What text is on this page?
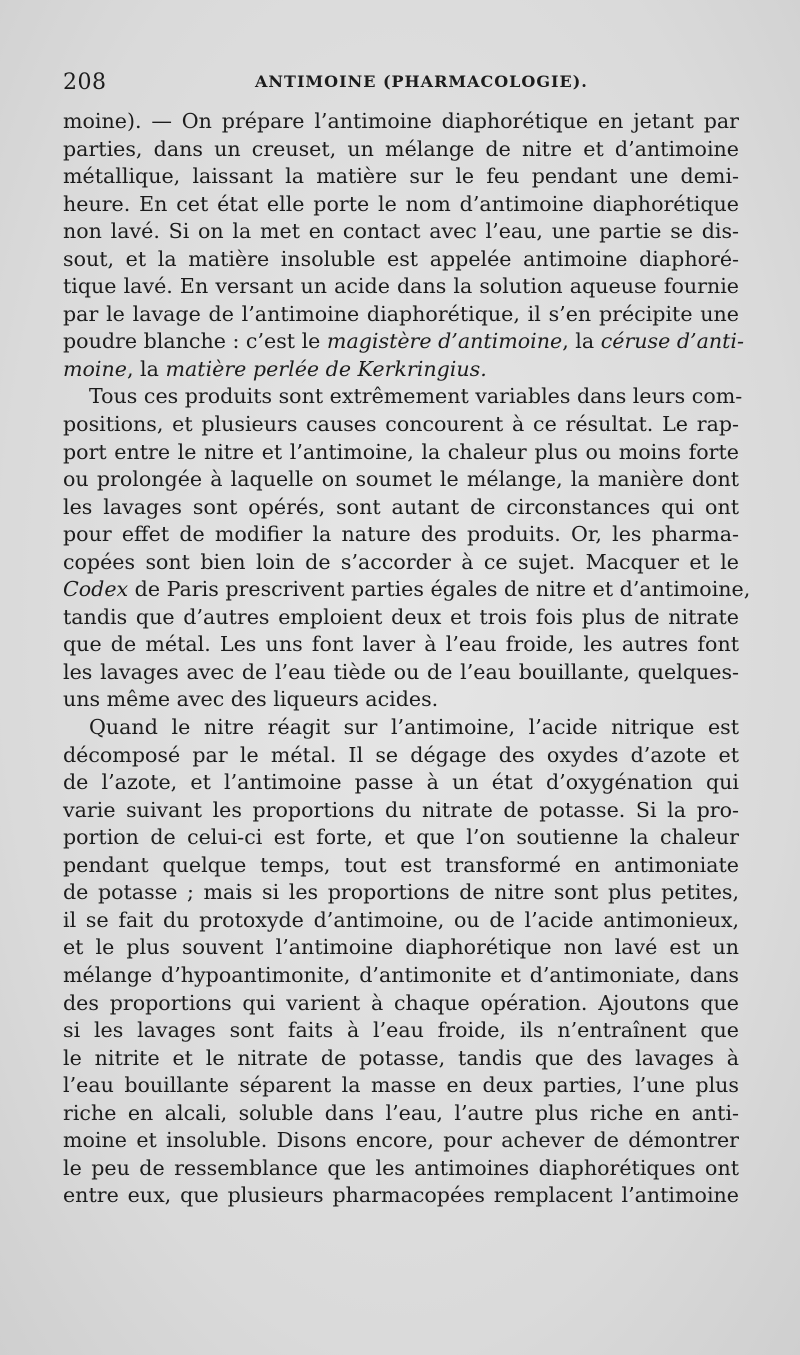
208	ANTIMOINE (PHARMACOLOGIE).
moine). — On prépare l’antimoine diaphorétique en jetant par
parties, dans un creuset, un mélange de nitre et d’antimoine
métallique, laissant la matière sur le feu pendant une demi-
heure. En cet état elle porte le nom d’antimoine diaphorétique
non lavé. Si on la met en contact avec l’eau, une partie se dis-
sout, et la matière insoluble est appelée antimoine diaphoré-
tique lavé. En versant un acide dans la solution aqueuse fournie
par le lavage de l’antimoine diaphorétique, il s’en précipite une
poudre blanche : c’est le magistère d’antimoine, la céruse d’anti-
moine, la matière perlée de Kerkringius.
Tous ces produits sont extrêmement variables dans leurs com-
positions, et plusieurs causes concourent à ce résultat. Le rap-
port entre le nitre et l’antimoine, la chaleur plus ou moins forte
ou prolongée à laquelle on soumet le mélange, la manière dont
les lavages sont opérés, sont autant de circonstances qui ont
pour effet de modifier la nature des produits. Or, les pharma-
copées sont bien loin de s’accorder à ce sujet. Macquer et le
Codex de Paris prescrivent parties égales de nitre et d’antimoine,
tandis que d’autres emploient deux et trois fois plus de nitrate
que de métal. Les uns font laver à l’eau froide, les autres font
les lavages avec de l’eau tiède ou de l’eau bouillante, quelques-
uns même avec des liqueurs acides.
Quand le nitre réagit sur l’antimoine, l’acide nitrique est
décomposé par le métal. Il se dégage des oxydes d’azote et
de l’azote, et l’antimoine passe à un état d’oxygénation qui
varie suivant les proportions du nitrate de potasse. Si la pro-
portion de celui-ci est forte, et que l’on soutienne la chaleur
pendant quelque temps, tout est transformé en antimoniate
de potasse ; mais si les proportions de nitre sont plus petites,
il se fait du protoxyde d’antimoine, ou de l’acide antimonieux,
et le plus souvent l’antimoine diaphorétique non lavé est un
mélange d’hypoantimonite, d’antimonite et d’antimoniate, dans
des proportions qui varient à chaque opération. Ajoutons que
si les lavages sont faits à l’eau froide, ils n’entraînent que
le nitrite et le nitrate de potasse, tandis que des lavages à
l’eau bouillante séparent la masse en deux parties, l’une plus
riche en alcali, soluble dans l’eau, l’autre plus riche en anti-
moine et insoluble. Disons encore, pour achever de démontrer
le peu de ressemblance que les antimoines diaphorétiques ont
entre eux, que plusieurs pharmacopées remplacent l’antimoine
